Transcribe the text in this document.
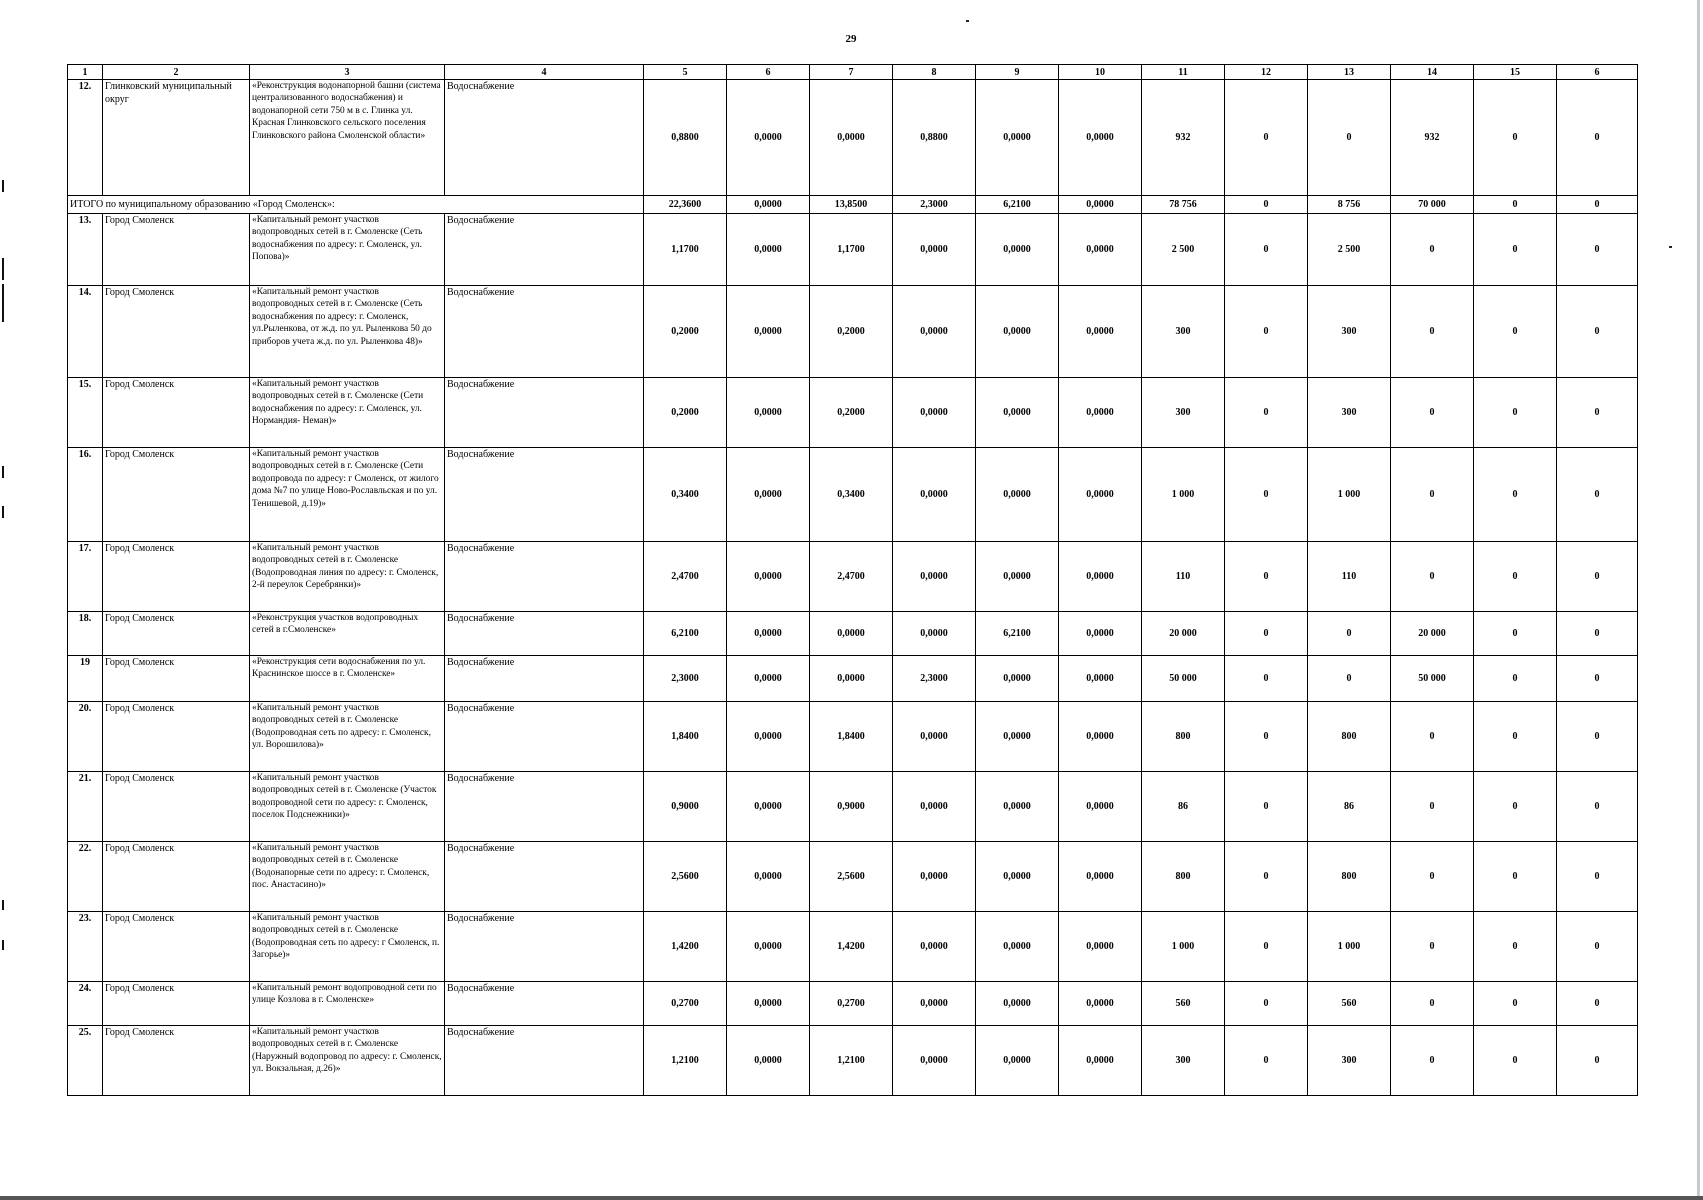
29
1	2	3	4	5	6	7	8	9	10	11	12	13	14	15	6
12.	Глинковский муниципальный округ	«Реконструкция водонапорной башни (система централизованного водоснабжения) и водонапорной сети 750 м в с. Глинка ул. Красная Глинковского сельского поселения Глинковского района Смоленской области»	Водоснабжение	0,8800	0,0000	0,0000	0,8800	0,0000	0,0000	932	0	0	932	0	0
ИТОГО по муниципальному образованию «Город Смоленск»:				22,3600	0,0000	13,8500	2,3000	6,2100	0,0000	78 756	0	8 756	70 000	0	0
13.	Город Смоленск	«Капитальный ремонт участков водопроводных сетей в г. Смоленске (Сеть водоснабжения по адресу: г. Смоленск, ул. Попова)»	Водоснабжение	1,1700	0,0000	1,1700	0,0000	0,0000	0,0000	2 500	0	2 500	0	0	0
14.	Город Смоленск	«Капитальный ремонт участков водопроводных сетей в г. Смоленске (Сеть водоснабжения по адресу: г. Смоленск, ул.Рыленкова, от ж.д. по ул. Рыленкова 50 до приборов учета ж.д. по ул. Рыленкова 48)»	Водоснабжение	0,2000	0,0000	0,2000	0,0000	0,0000	0,0000	300	0	300	0	0	0
15.	Город Смоленск	«Капитальный ремонт участков водопроводных сетей в г. Смоленске (Сети водоснабжения по адресу: г. Смоленск, ул. Нормандия- Неман)»	Водоснабжение	0,2000	0,0000	0,2000	0,0000	0,0000	0,0000	300	0	300	0	0	0
16.	Город Смоленск	«Капитальный ремонт участков водопроводных сетей в г. Смоленске (Сети водопровода по адресу: г Смоленск, от жилого дома №7 по улице Ново-Рославльская и по ул. Тенишевой, д.19)»	Водоснабжение	0,3400	0,0000	0,3400	0,0000	0,0000	0,0000	1 000	0	1 000	0	0	0
17.	Город Смоленск	«Капитальный ремонт участков водопроводных сетей в г. Смоленске (Водопроводная линия по адресу: г. Смоленск, 2-й переулок Серебрянки)»	Водоснабжение	2,4700	0,0000	2,4700	0,0000	0,0000	0,0000	110	0	110	0	0	0
18.	Город Смоленск	«Реконструкция участков водопроводных сетей в г.Смоленске»	Водоснабжение	6,2100	0,0000	0,0000	0,0000	6,2100	0,0000	20 000	0	0	20 000	0	0
19	Город Смоленск	«Реконструкция сети водоснабжения по ул. Краснинское шоссе в г. Смоленске»	Водоснабжение	2,3000	0,0000	0,0000	2,3000	0,0000	0,0000	50 000	0	0	50 000	0	0
20.	Город Смоленск	«Капитальный ремонт участков водопроводных сетей в г. Смоленске (Водопроводная сеть по адресу: г. Смоленск, ул. Ворошилова)»	Водоснабжение	1,8400	0,0000	1,8400	0,0000	0,0000	0,0000	800	0	800	0	0	0
21.	Город Смоленск	«Капитальный ремонт участков водопроводных сетей в г. Смоленске (Участок водопроводной сети по адресу: г. Смоленск, поселок Подснежники)»	Водоснабжение	0,9000	0,0000	0,9000	0,0000	0,0000	0,0000	86	0	86	0	0	0
22.	Город Смоленск	«Капитальный ремонт участков водопроводных сетей в г. Смоленске (Водонапорные сети по адресу: г. Смоленск, пос. Анастасино)»	Водоснабжение	2,5600	0,0000	2,5600	0,0000	0,0000	0,0000	800	0	800	0	0	0
23.	Город Смоленск	«Капитальный ремонт участков водопроводных сетей в г. Смоленске (Водопроводная сеть по адресу: г Смоленск, п. Загорье)»	Водоснабжение	1,4200	0,0000	1,4200	0,0000	0,0000	0,0000	1 000	0	1 000	0	0	0
24.	Город Смоленск	«Капитальный ремонт водопроводной сети по улице Козлова в г. Смоленске»	Водоснабжение	0,2700	0,0000	0,2700	0,0000	0,0000	0,0000	560	0	560	0	0	0
25.	Город Смоленск	«Капитальный ремонт участков водопроводных сетей в г. Смоленске (Наружный водопровод по адресу: г. Смоленск, ул. Вокзальная, д.26)»	Водоснабжение	1,2100	0,0000	1,2100	0,0000	0,0000	0,0000	300	0	300	0	0	0
